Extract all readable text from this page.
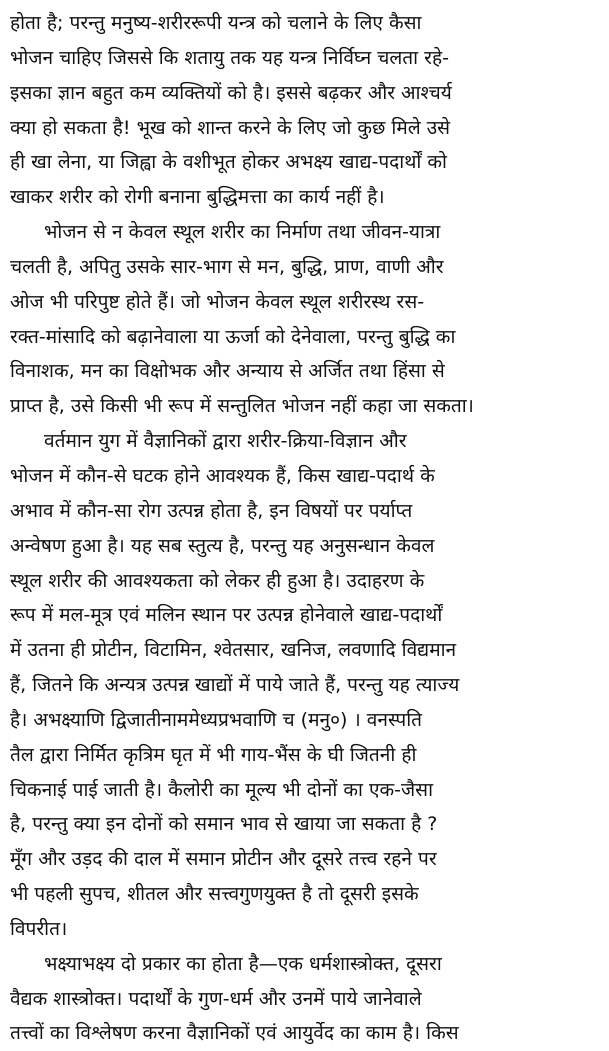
होता है; परन्तु मनुष्य-शरीररूपी यन्त्र को चलाने के लिए कैसा
भोजन चाहिए जिससे कि शतायु तक यह यन्त्र निर्विघ्न चलता रहे-
इसका ज्ञान बहुत कम व्यक्तियों को है। इससे बढ़कर और आश्चर्य
क्या हो सकता है! भूख को शान्त करने के लिए जो कुछ मिले उसे
ही खा लेना, या जिह्वा के वशीभूत होकर अभक्ष्य खाद्य-पदार्थों को
खाकर शरीर को रोगी बनाना बुद्धिमत्ता का कार्य नहीं है।
भोजन से न केवल स्थूल शरीर का निर्माण तथा जीवन-यात्रा
चलती है, अपितु उसके सार-भाग से मन, बुद्धि, प्राण, वाणी और
ओज भी परिपुष्ट होते हैं। जो भोजन केवल स्थूल शरीरस्थ रस-
रक्त-मांसादि को बढ़ानेवाला या ऊर्जा को देनेवाला, परन्तु बुद्धि का
विनाशक, मन का विक्षोभक और अन्याय से अर्जित तथा हिंसा से
प्राप्त है, उसे किसी भी रूप में सन्तुलित भोजन नहीं कहा जा सकता।
वर्तमान युग में वैज्ञानिकों द्वारा शरीर-क्रिया-विज्ञान और
भोजन में कौन-से घटक होने आवश्यक हैं, किस खाद्य-पदार्थ के
अभाव में कौन-सा रोग उत्पन्न होता है, इन विषयों पर पर्याप्त
अन्वेषण हुआ है। यह सब स्तुत्य है, परन्तु यह अनुसन्धान केवल
स्थूल शरीर की आवश्यकता को लेकर ही हुआ है। उदाहरण के
रूप में मल-मूत्र एवं मलिन स्थान पर उत्पन्न होनेवाले खाद्य-पदार्थों
में उतना ही प्रोटीन, विटामिन, श्वेतसार, खनिज, लवणादि विद्यमान
हैं, जितने कि अन्यत्र उत्पन्न खाद्यों में पाये जाते हैं, परन्तु यह त्याज्य
है। अभक्ष्याणि द्विजातीनाममेध्यप्रभवाणि च (मनु०) । वनस्पति
तैल द्वारा निर्मित कृत्रिम घृत में भी गाय-भैंस के घी जितनी ही
चिकनाई पाई जाती है। कैलोरी का मूल्य भी दोनों का एक-जैसा
है, परन्तु क्या इन दोनों को समान भाव से खाया जा सकता है ?
मूँग और उड़द की दाल में समान प्रोटीन और दूसरे तत्त्व रहने पर
भी पहली सुपच, शीतल और सत्त्वगुणयुक्त है तो दूसरी इसके
विपरीत।
भक्ष्याभक्ष्य दो प्रकार का होता है—एक धर्मशास्त्रोक्त, दूसरा
वैद्यक शास्त्रोक्त। पदार्थों के गुण-धर्म और उनमें पाये जानेवाले
तत्त्वों का विश्लेषण करना वैज्ञानिकों एवं आयुर्वेद का काम है। किस
